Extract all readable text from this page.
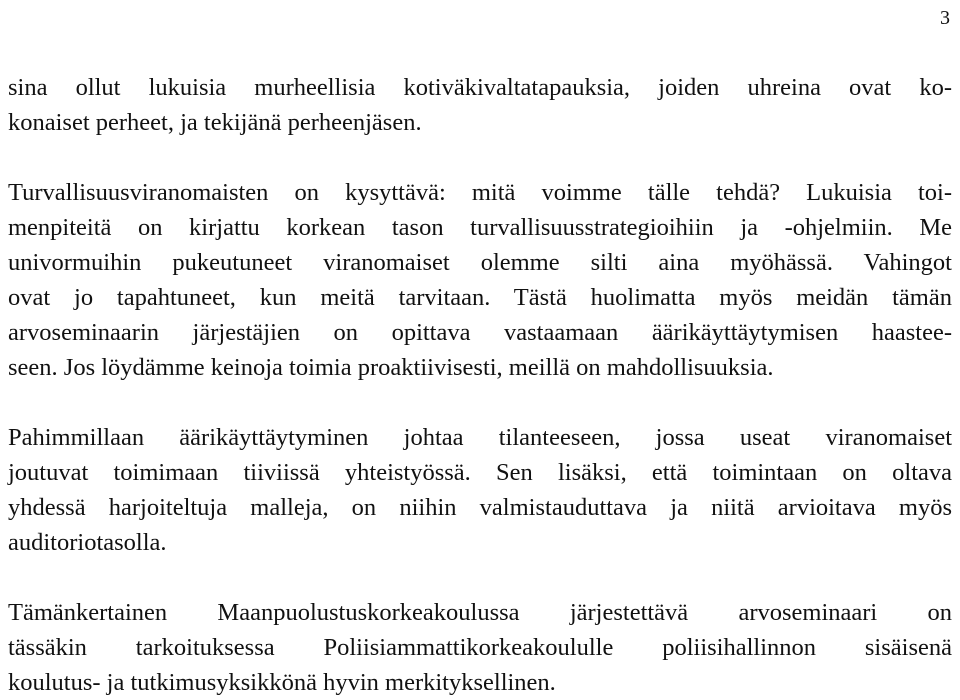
3
sina ollut lukuisia murheellisia kotiväkivaltatapauksia, joiden uhreina ovat ko-
konaiset perheet, ja tekijänä perheenjäsen.
Turvallisuusviranomaisten on kysyttävä: mitä voimme tälle tehdä? Lukuisia toi-
menpiteitä on kirjattu korkean tason turvallisuusstrategioihiin ja -ohjelmiin. Me
univormuihin pukeutuneet viranomaiset olemme silti aina myöhässä. Vahingot
ovat jo tapahtuneet, kun meitä tarvitaan. Tästä huolimatta myös meidän tämän
arvoseminaarin järjestäjien on opittava vastaamaan äärikäyttäytymisen haastee-
seen. Jos löydämme keinoja toimia proaktiivisesti, meillä on mahdollisuuksia.
Pahimmillaan äärikäyttäytyminen johtaa tilanteeseen, jossa useat viranomaiset
joutuvat toimimaan tiiviissä yhteistyössä. Sen lisäksi, että toimintaan on oltava
yhdessä harjoiteltuja malleja, on niihin valmistauduttava ja niitä arvioitava myös
auditoriotasolla.
Tämänkertainen Maanpuolustuskorkeakoulussa järjestettävä arvoseminaari on
tässäkin tarkoituksessa Poliisiammattikorkeakoululle poliisihallinnon sisäisenä
koulutus- ja tutkimusyksikkönä hyvin merkityksellinen.
